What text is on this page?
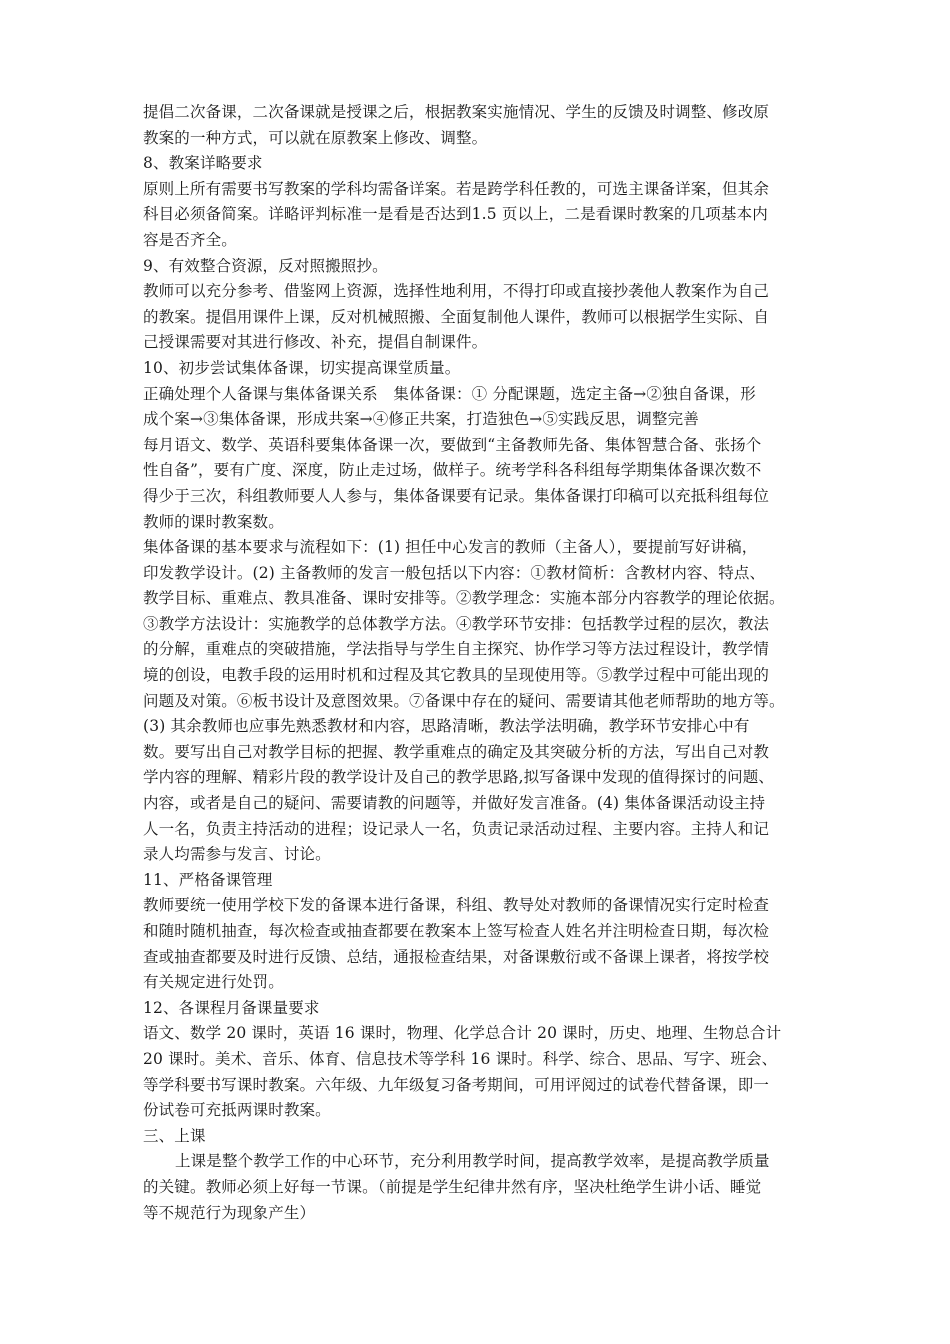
提倡二次备课，二次备课就是授课之后，根据教案实施情况、学生的反馈及时调整、修改原
教案的一种方式，可以就在原教案上修改、调整。
8、教案详略要求
原则上所有需要书写教案的学科均需备详案。若是跨学科任教的，可选主课备详案，但其余
科目必须备简案。详略评判标准一是看是否达到1.5 页以上，二是看课时教案的几项基本内
容是否齐全。
9、有效整合资源，反对照搬照抄。
教师可以充分参考、借鉴网上资源，选择性地利用，不得打印或直接抄袭他人教案作为自己
的教案。提倡用课件上课，反对机械照搬、全面复制他人课件，教师可以根据学生实际、自
己授课需要对其进行修改、补充，提倡自制课件。
10、初步尝试集体备课，切实提高课堂质量。
正确处理个人备课与集体备课关系　集体备课：① 分配课题，选定主备→②独自备课，形
成个案→③集体备课，形成共案→④修正共案，打造独色→⑤实践反思，调整完善
每月语文、数学、英语科要集体备课一次，要做到“主备教师先备、集体智慧合备、张扬个
性自备”，要有广度、深度，防止走过场，做样子。统考学科各科组每学期集体备课次数不
得少于三次，科组教师要人人参与，集体备课要有记录。集体备课打印稿可以充抵科组每位
教师的课时教案数。
集体备课的基本要求与流程如下：(1) 担任中心发言的教师（主备人），要提前写好讲稿，
印发教学设计。(2) 主备教师的发言一般包括以下内容：①教材简析：含教材内容、特点、
教学目标、重难点、教具准备、课时安排等。②教学理念：实施本部分内容教学的理论依据。
③教学方法设计：实施教学的总体教学方法。④教学环节安排：包括教学过程的层次，教法
的分解，重难点的突破措施，学法指导与学生自主探究、协作学习等方法过程设计，教学情
境的创设，电教手段的运用时机和过程及其它教具的呈现使用等。⑤教学过程中可能出现的
问题及对策。⑥板书设计及意图效果。⑦备课中存在的疑问、需要请其他老师帮助的地方等。
(3) 其余教师也应事先熟悉教材和内容，思路清晰，教法学法明确，教学环节安排心中有
数。要写出自己对教学目标的把握、教学重难点的确定及其突破分析的方法，写出自己对教
学内容的理解、精彩片段的教学设计及自己的教学思路,拟写备课中发现的值得探讨的问题、
内容，或者是自己的疑问、需要请教的问题等，并做好发言准备。(4) 集体备课活动设主持
人一名，负责主持活动的进程；设记录人一名，负责记录活动过程、主要内容。主持人和记
录人均需参与发言、讨论。
11、严格备课管理
教师要统一使用学校下发的备课本进行备课，科组、教导处对教师的备课情况实行定时检查
和随时随机抽查，每次检查或抽查都要在教案本上签写检查人姓名并注明检查日期，每次检
查或抽查都要及时进行反馈、总结，通报检查结果，对备课敷衍或不备课上课者，将按学校
有关规定进行处罚。
12、各课程月备课量要求
语文、数学 20 课时，英语 16 课时，物理、化学总合计 20 课时，历史、地理、生物总合计
20 课时。美术、音乐、体育、信息技术等学科 16 课时。科学、综合、思品、写字、班会、
等学科要书写课时教案。六年级、九年级复习备考期间，可用评阅过的试卷代替备课，即一
份试卷可充抵两课时教案。
三、上课
上课是整个教学工作的中心环节，充分利用教学时间，提高教学效率，是提高教学质量
的关键。教师必须上好每一节课。（前提是学生纪律井然有序，坚决杜绝学生讲小话、睡觉
等不规范行为现象产生）
